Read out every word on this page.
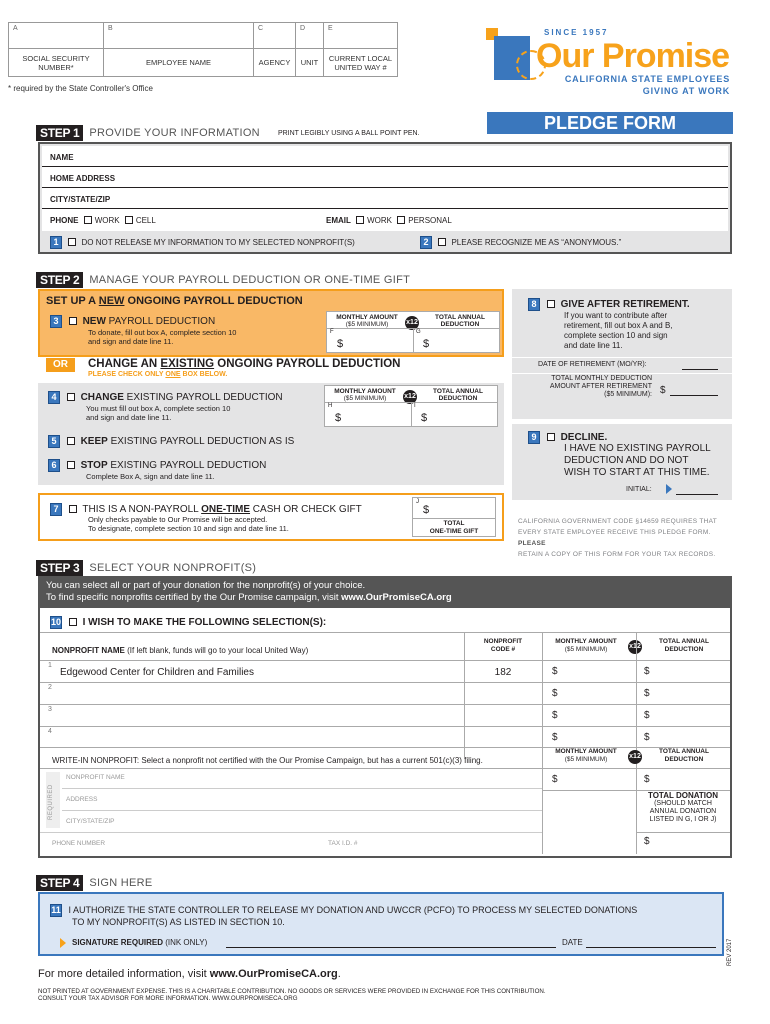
A	B	C	D	E
SOCIAL SECURITY NUMBER*	EMPLOYEE NAME	AGENCY	UNIT	CURRENT LOCAL UNITED WAY #
* required by the State Controller's Office
SINCE 1957
Our Promise
CALIFORNIA STATE EMPLOYEES
GIVING AT WORK
PLEDGE FORM
STEP 1 PROVIDE YOUR INFORMATION	PRINT LEGIBLY USING A BALL POINT PEN.
NAME
HOME ADDRESS
CITY/STATE/ZIP
PHONE WORK CELL	EMAIL WORK PERSONAL
1	DO NOT RELEASE MY INFORMATION TO MY SELECTED NONPROFIT(S)	2	PLEASE RECOGNIZE ME AS “ANONYMOUS.”
STEP 2 MANAGE YOUR PAYROLL DEDUCTION OR ONE-TIME GIFT
SET UP A NEW ONGOING PAYROLL DEDUCTION
3 NEW PAYROLL DEDUCTION
To donate, fill out box A, complete section 10
and sign and date line 11.
MONTHLY AMOUNT
($5 MINIMUM)	x12
TOTAL ANNUAL
DEDUCTION
F	G
$	$
OR	CHANGE AN EXISTING ONGOING PAYROLL DEDUCTION
PLEASE CHECK ONLY ONE BOX BELOW.
4 CHANGE EXISTING PAYROLL DEDUCTION
You must fill out box A, complete section 10
and sign and date line 11.
MONTHLY AMOUNT
($5 MINIMUM)	x12
TOTAL ANNUAL
DEDUCTION
H	I
$	$
5 KEEP EXISTING PAYROLL DEDUCTION AS IS
6 STOP EXISTING PAYROLL DEDUCTION
Complete Box A, sign and date line 11.
7 THIS IS A NON-PAYROLL ONE-TIME CASH OR CHECK GIFT
Only checks payable to Our Promise will be accepted.
To designate, complete section 10 and sign and date line 11.
J
$
TOTAL
ONE-TIME GIFT
8 GIVE AFTER RETIREMENT.
If you want to contribute after
retirement, fill out box A and B,
complete section 10 and sign
and date line 11.
DATE OF RETIREMENT (MO/YR):
TOTAL MONTHLY DEDUCTION
AMOUNT AFTER RETIREMENT
($5 MINIMUM): $
9 DECLINE.
I HAVE NO EXISTING PAYROLL
DEDUCTION AND DO NOT
WISH TO START AT THIS TIME.
INITIAL:
CALIFORNIA GOVERNMENT CODE §14659 REQUIRES THAT
EVERY STATE EMPLOYEE RECEIVE THIS PLEDGE FORM. PLEASE
RETAIN A COPY OF THIS FORM FOR YOUR TAX RECORDS.
STEP 3 SELECT YOUR NONPROFIT(S)
You can select all or part of your donation for the nonprofit(s) of your choice.
To find specific nonprofits certified by the Our Promise campaign, visit www.OurPromiseCA.org
10 I WISH TO MAKE THE FOLLOWING SELECTION(S):
NONPROFIT NAME (If left blank, funds will go to your local United Way)
NONPROFIT
CODE #
MONTHLY AMOUNT
($5 MINIMUM)	x12
TOTAL ANNUAL
DEDUCTION
1
Edgewood Center for Children and Families	182	$	$
2
$	$
3
$	$
4
$	$
WRITE-IN NONPROFIT: Select a nonprofit not certified with the Our Promise Campaign, but has a current 501(c)(3) filing.
MONTHLY AMOUNT
($5 MINIMUM)	x12
TOTAL ANNUAL
DEDUCTION
REQUIRED
NONPROFIT NAME
ADDRESS
CITY/STATE/ZIP
PHONE NUMBER	TAX I.D. #
$	$
TOTAL DONATION
(SHOULD MATCH
ANNUAL DONATION
LISTED IN G, I OR J)
$
STEP 4 SIGN HERE
11 I AUTHORIZE THE STATE CONTROLLER TO RELEASE MY DONATION AND UWCCR (PCFO) TO PROCESS MY SELECTED DONATIONS
TO MY NONPROFIT(S) AS LISTED IN SECTION 10.
SIGNATURE REQUIRED (INK ONLY)	DATE	REV 2017
For more detailed information, visit www.OurPromiseCA.org.
NOT PRINTED AT GOVERNMENT EXPENSE. THIS IS A CHARITABLE CONTRIBUTION. NO GOODS OR SERVICES WERE PROVIDED IN EXCHANGE FOR THIS CONTRIBUTION.
CONSULT YOUR TAX ADVISOR FOR MORE INFORMATION. WWW.OURPROMISECA.ORG
